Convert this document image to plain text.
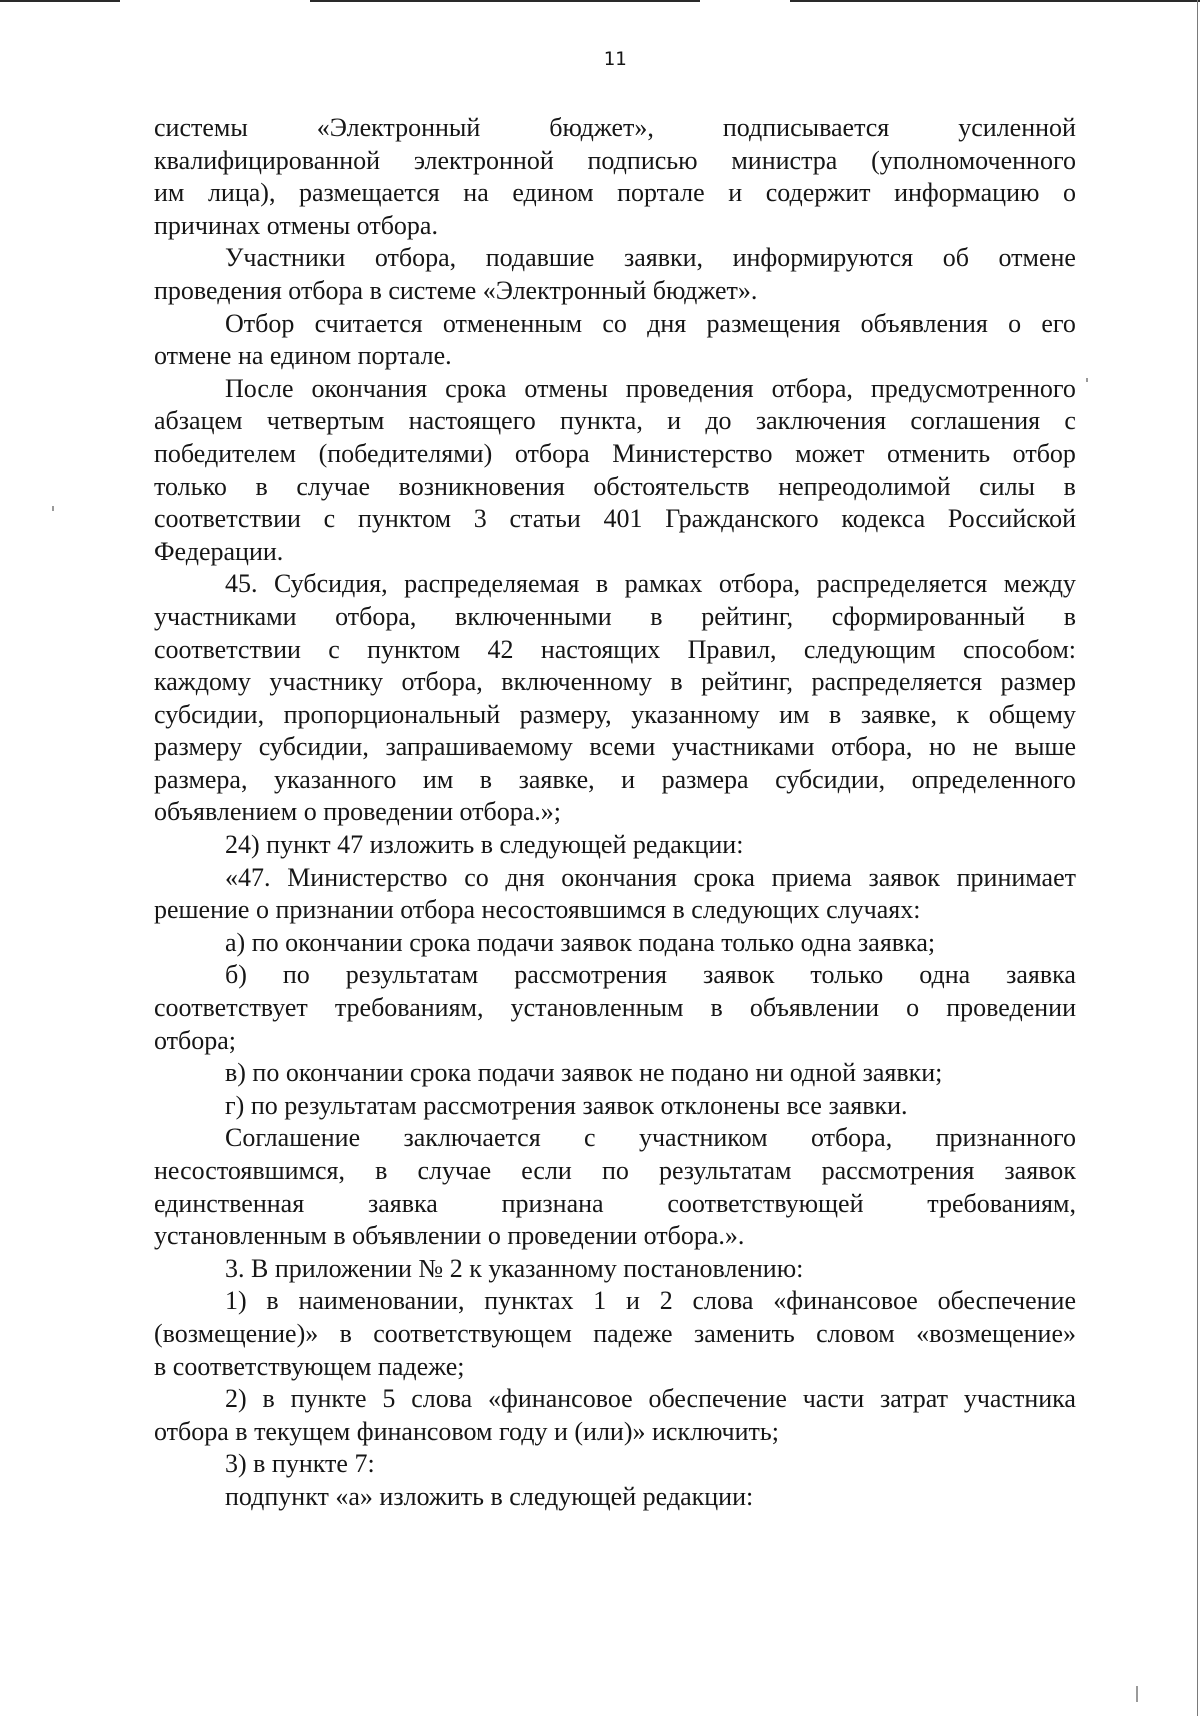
11
системы	«Электронный	бюджет»,	подписывается	усиленной
квалифицированной электронной подписью министра (уполномоченного
им лица), размещается на едином портале и содержит информацию о
причинах отмены отбора.
Участники отбора, подавшие заявки, информируются об отмене
проведения отбора в системе «Электронный бюджет».
Отбор считается отмененным со дня размещения объявления о его
отмене на едином портале.
После окончания срока отмены проведения отбора, предусмотренного
абзацем четвертым настоящего пункта, и до заключения соглашения с
победителем (победителями) отбора Министерство может отменить отбор
только в случае возникновения обстоятельств непреодолимой силы в
соответствии с пунктом 3 статьи 401 Гражданского кодекса Российской
Федерации.
45. Субсидия, распределяемая в рамках отбора, распределяется между
участниками отбора, включенными в рейтинг, сформированный в
соответствии с пунктом 42 настоящих Правил, следующим способом:
каждому участнику отбора, включенному в рейтинг, распределяется размер
субсидии, пропорциональный размеру, указанному им в заявке, к общему
размеру субсидии, запрашиваемому всеми участниками отбора, но не выше
размера, указанного им в заявке, и размера субсидии, определенного
объявлением о проведении отбора.»;
24) пункт 47 изложить в следующей редакции:
«47. Министерство со дня окончания срока приема заявок принимает
решение о признании отбора несостоявшимся в следующих случаях:
а) по окончании срока подачи заявок подана только одна заявка;
б) по результатам рассмотрения заявок только одна заявка
соответствует требованиям, установленным в объявлении о проведении
отбора;
в) по окончании срока подачи заявок не подано ни одной заявки;
г) по результатам рассмотрения заявок отклонены все заявки.
Соглашение заключается с участником отбора, признанного
несостоявшимся, в случае если по результатам рассмотрения заявок
единственная заявка признана соответствующей требованиям,
установленным в объявлении о проведении отбора.».
3. В приложении № 2 к указанному постановлению:
1) в наименовании, пунктах 1 и 2 слова «финансовое обеспечение
(возмещение)» в соответствующем падеже заменить словом «возмещение»
в соответствующем падеже;
2) в пункте 5 слова «финансовое обеспечение части затрат участника
отбора в текущем финансовом году и (или)» исключить;
3) в пункте 7:
подпункт «а» изложить в следующей редакции:
